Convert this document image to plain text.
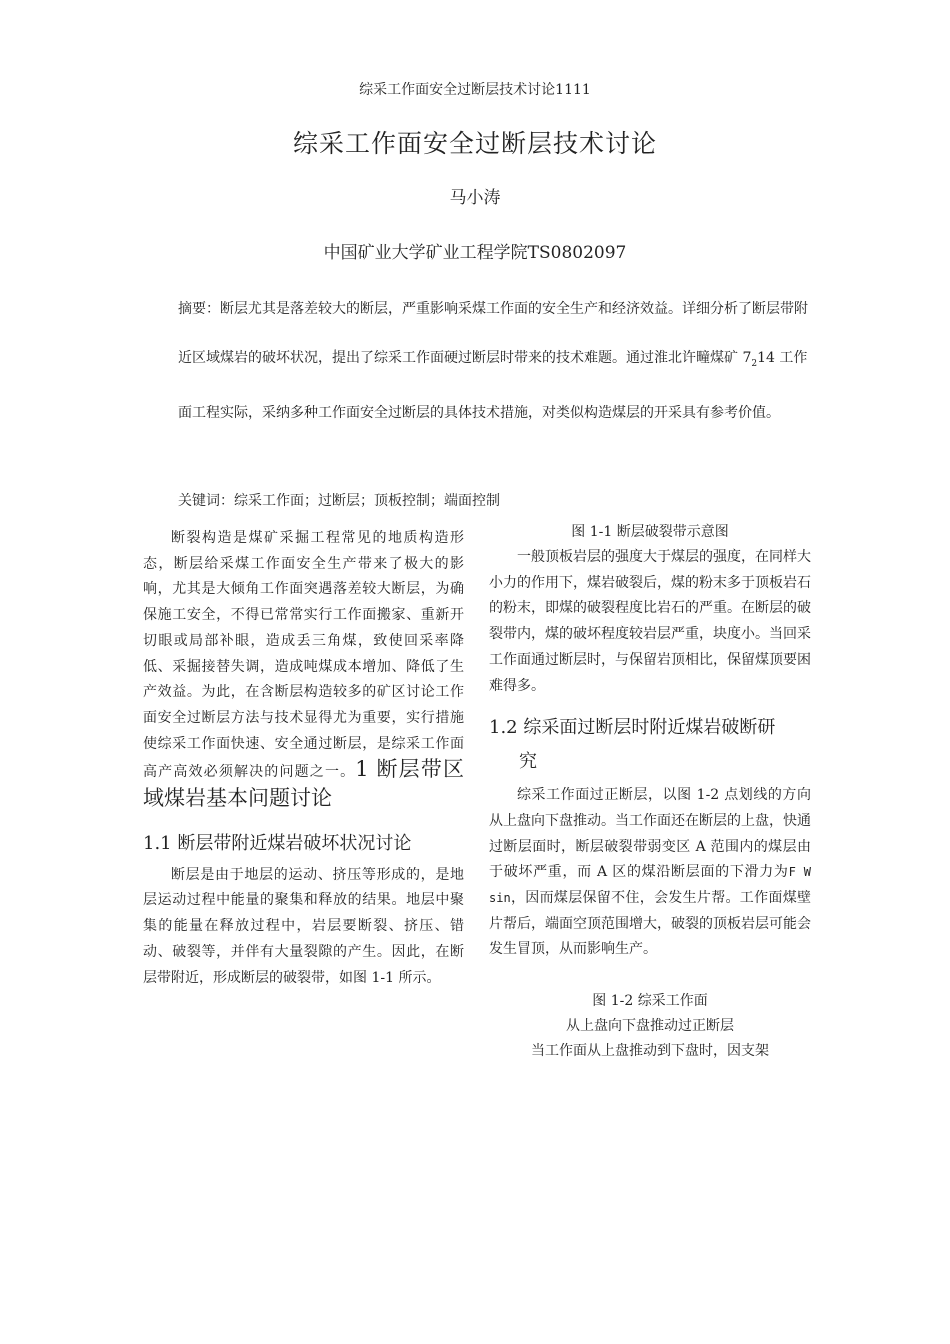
综采工作面安全过断层技术讨论1111
综采工作面安全过断层技术讨论
马小涛
中国矿业大学矿业工程学院TS0802097
摘要：断层尤其是落差较大的断层，严重影响采煤工作面的安全生产和经济效益。详细分析了断层带附近区域煤岩的破坏状况，提出了综采工作面硬过断层时带来的技术难题。通过淮北许疃煤矿 $7_214$ 工作面工程实际，采纳多种工作面安全过断层的具体技术措施，对类似构造煤层的开采具有参考价值。
关键词：综采工作面；过断层；顶板控制；端面控制

断裂构造是煤矿采掘工程常见的地质构造形态，断层给采煤工作面安全生产带来了极大的影响，尤其是大倾角工作面突遇落差较大断层，为确保施工安全，不得已常常实行工作面搬家、重新开切眼或局部补眼，造成丢三角煤，致使回采率降低、采掘接替失调，造成吨煤成本增加、降低了生产效益。为此，在含断层构造较多的矿区讨论工作面安全过断层方法与技术显得尤为重要，实行措施使综采工作面快速、安全通过断层，是综采工作面高产高效必须解决的问题之一。1 断层带区域煤岩基本问题讨论

1.1 断层带附近煤岩破坏状况讨论

断层是由于地层的运动、挤压等形成的，是地层运动过程中能量的聚集和释放的结果。地层中聚集的能量在释放过程中，岩层要断裂、挤压、错动、破裂等，并伴有大量裂隙的产生。因此，在断层带附近，形成断层的破裂带，如图 1-1 所示。

图 1-1 断层破裂带示意图

一般顶板岩层的强度大于煤层的强度，在同样大小力的作用下，煤岩破裂后，煤的粉末多于顶板岩石的粉末，即煤的破裂程度比岩石的严重。在断层的破裂带内，煤的破坏程度较岩层严重，块度小。当回采工作面通过断层时，与保留岩顶相比，保留煤顶要困难得多。

1.2 综采面过断层时附近煤岩破断研
究

综采工作面过正断层，以图 1-2 点划线的方向从上盘向下盘推动。当工作面还在断层的上盘，快通过断层面时，断层破裂带弱变区 A 范围内的煤层由于破坏严重，而 A 区的煤沿断层面的下滑力为F W sin，因而煤层保留不住，会发生片帮。工作面煤壁片帮后，端面空顶范围增大，破裂的顶板岩层可能会发生冒顶，从而影响生产。

图 1-2 综采工作面
从上盘向下盘推动过正断层
当工作面从上盘推动到下盘时，因支架
